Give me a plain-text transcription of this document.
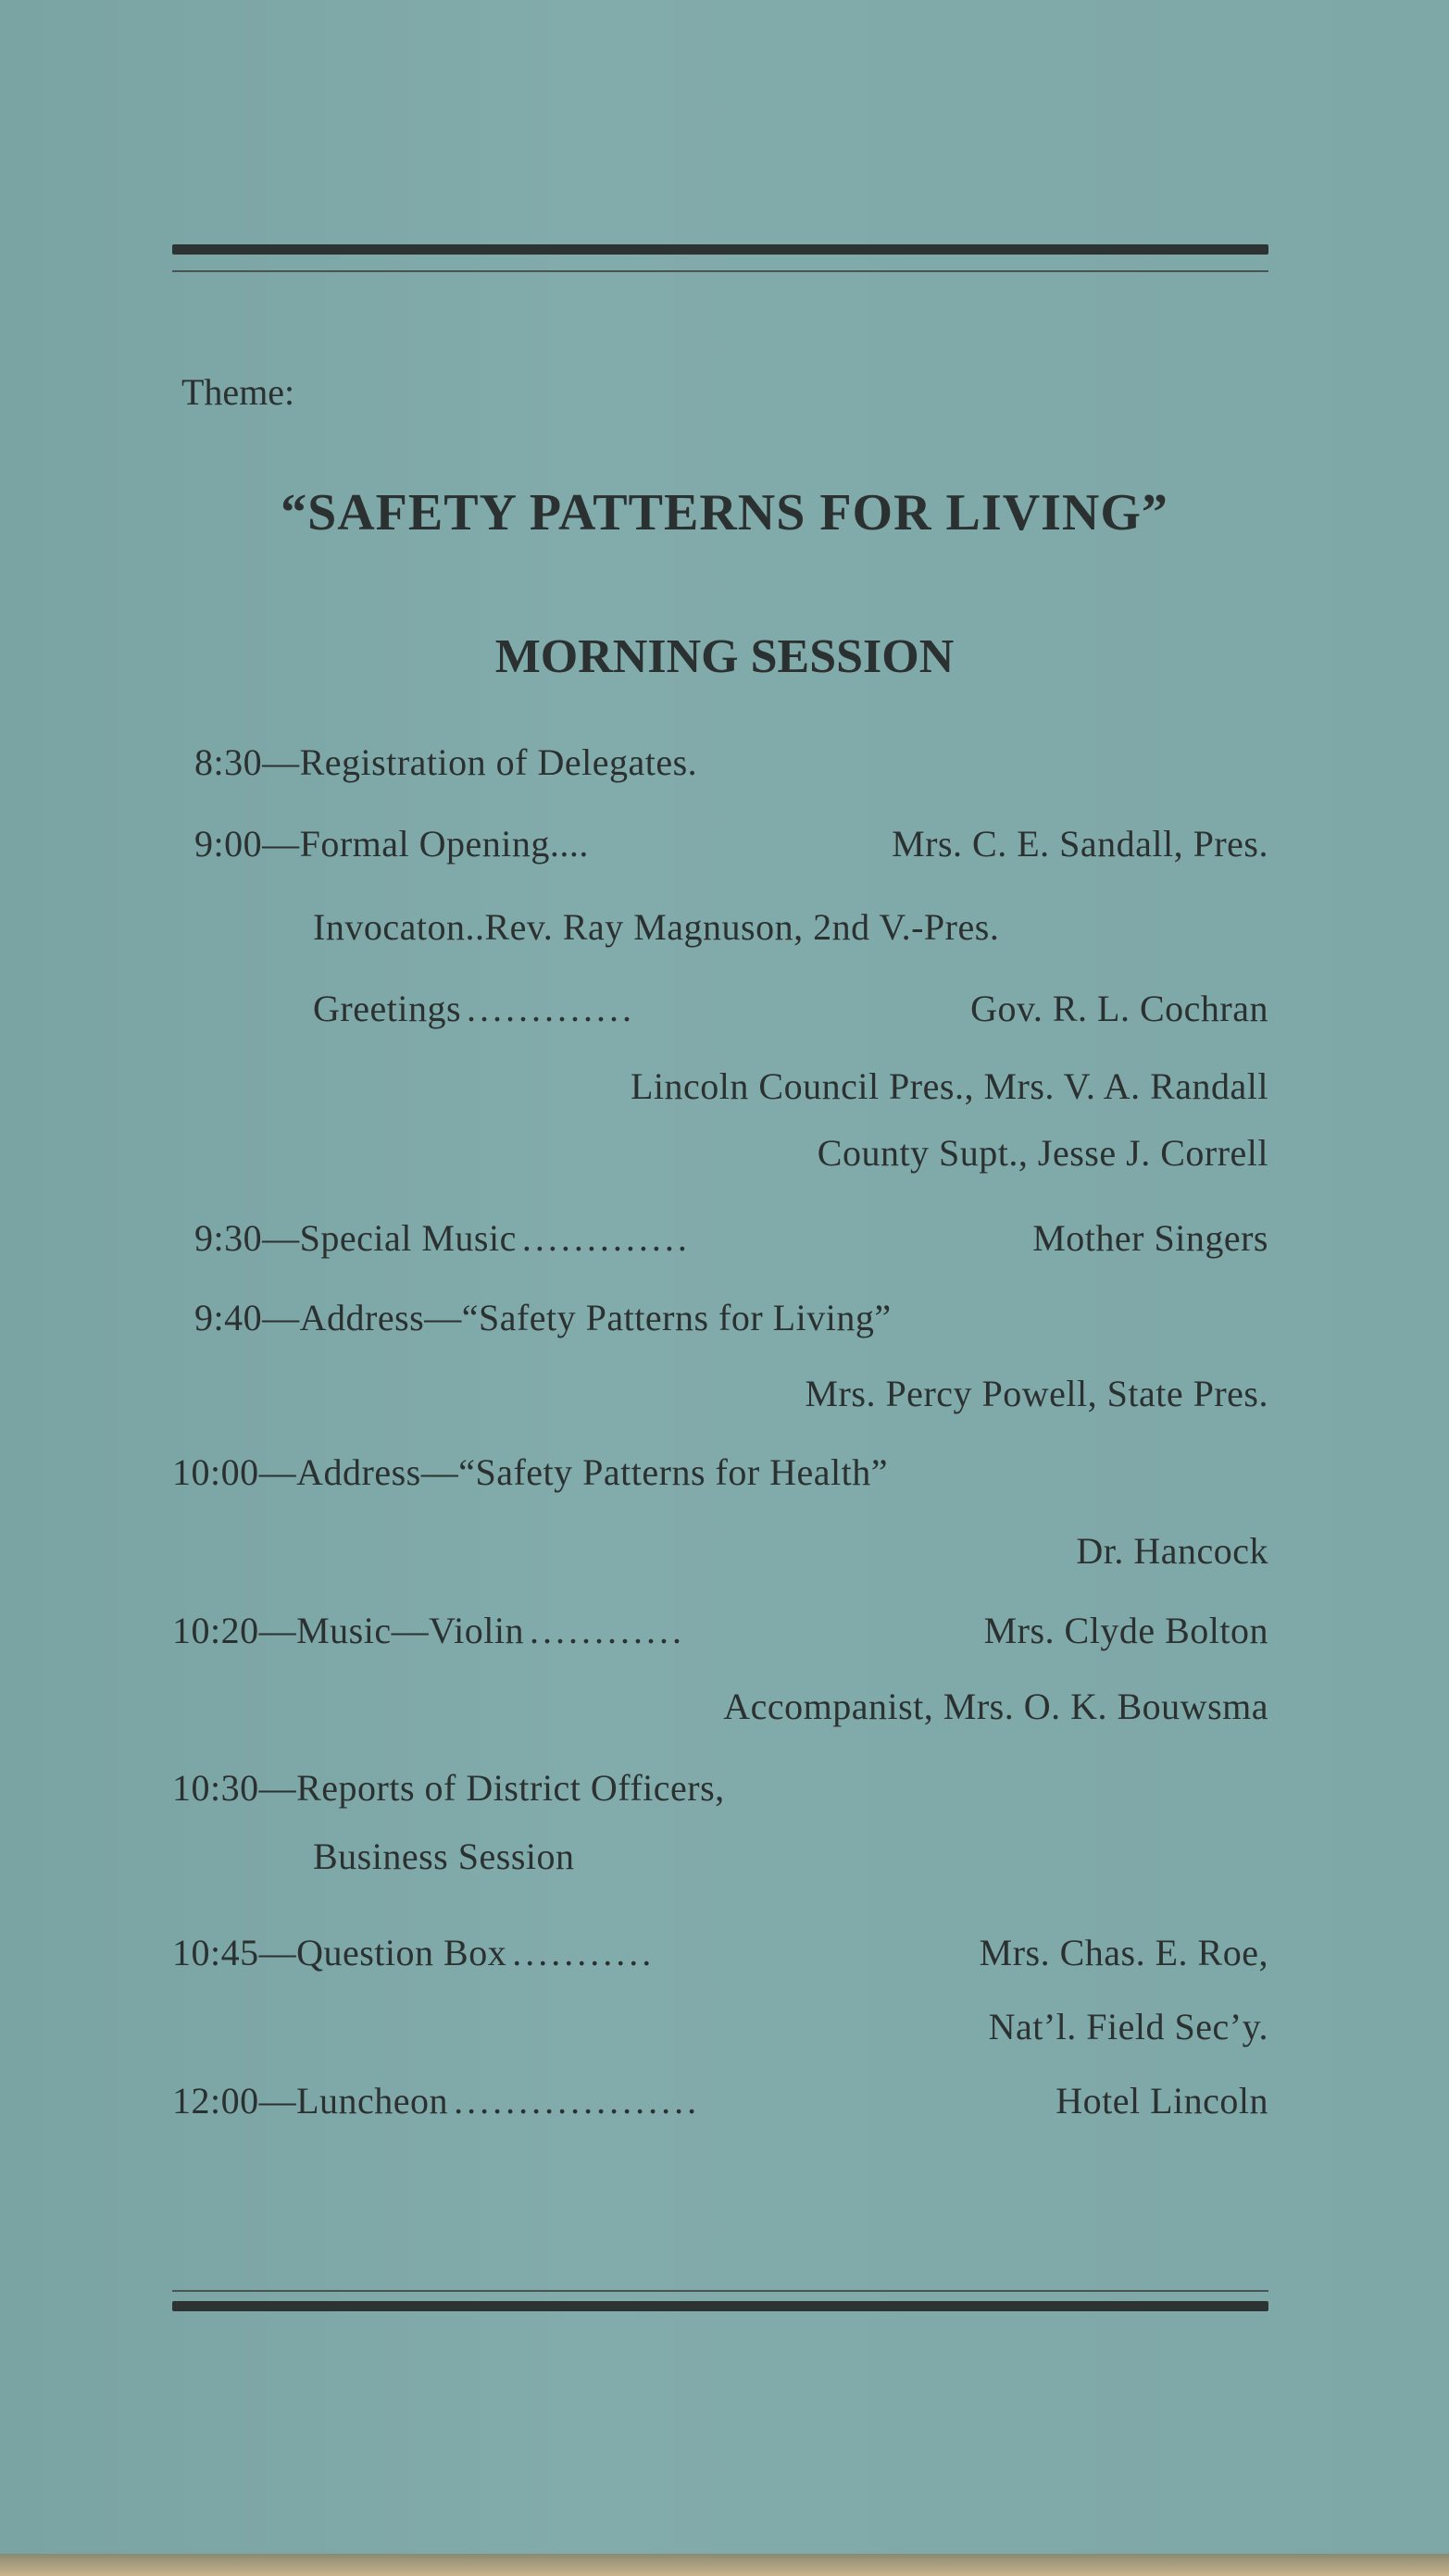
Theme:
“SAFETY PATTERNS FOR LIVING”
MORNING SESSION
8:30—Registration of Delegates.
9:00—Formal Opening....	Mrs. C. E. Sandall, Pres.
Invocaton..Rev. Ray Magnuson, 2nd V.-Pres.
Greetings .............	Gov. R. L. Cochran
Lincoln Council Pres., Mrs. V. A. Randall
County Supt., Jesse J. Correll
9:30—Special Music .............	Mother Singers
9:40—Address—“Safety Patterns for Living”
Mrs. Percy Powell, State Pres.
10:00—Address—“Safety Patterns for Health”
Dr. Hancock
10:20—Music—Violin ............	Mrs. Clyde Bolton
Accompanist, Mrs. O. K. Bouwsma
10:30—Reports of District Officers,
Business Session
10:45—Question Box ...........	Mrs. Chas. E. Roe,
Nat’l. Field Sec’y.
12:00—Luncheon ...................	Hotel Lincoln
